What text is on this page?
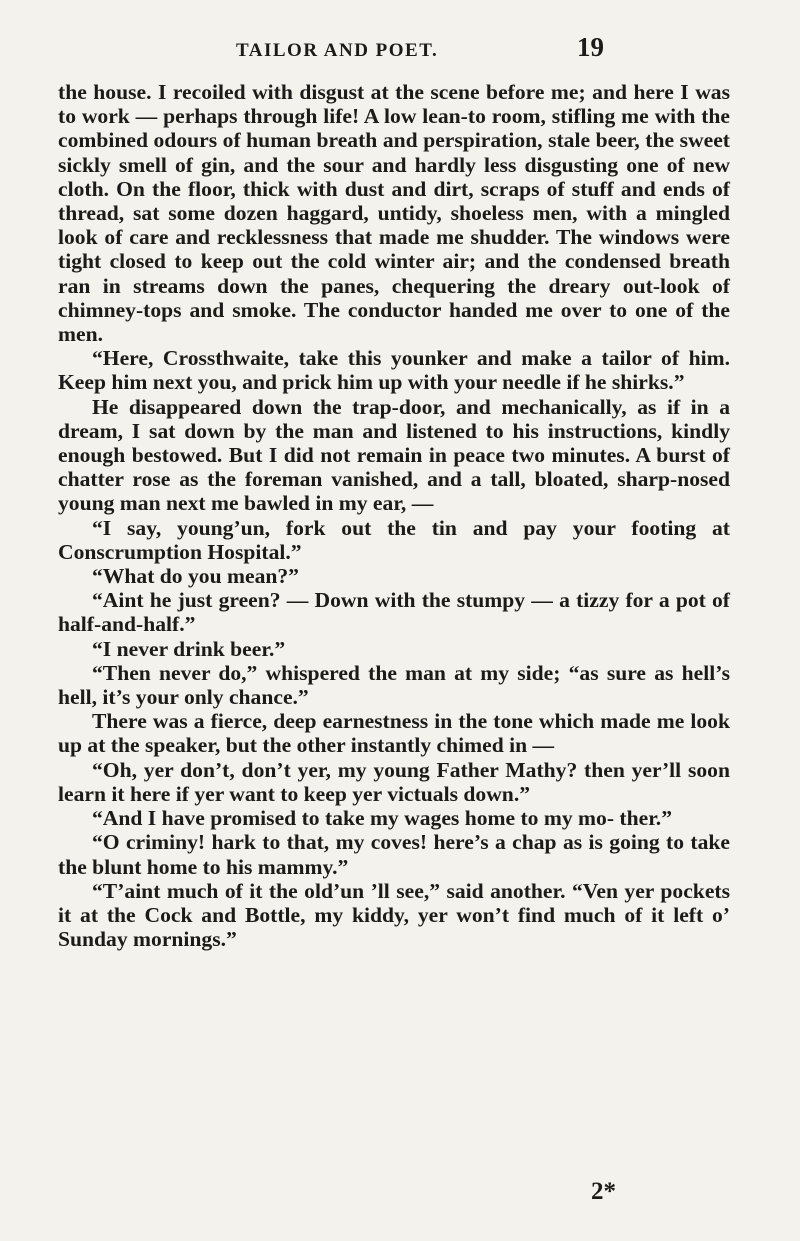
TAILOR AND POET.	19

the house. I recoiled with disgust at the scene before me; and here I was to work — perhaps through life! A low lean-to room, stifling me with the combined odours of human breath and perspiration, stale beer, the sweet sickly smell of gin, and the sour and hardly less disgusting one of new cloth. On the floor, thick with dust and dirt, scraps of stuff and ends of thread, sat some dozen haggard, untidy, shoeless men, with a mingled look of care and recklessness that made me shudder. The windows were tight closed to keep out the cold winter air; and the condensed breath ran in streams down the panes, chequering the dreary out-look of chimney-tops and smoke. The conductor handed me over to one of the men.

“Here, Crossthwaite, take this younker and make a tailor of him. Keep him next you, and prick him up with your needle if he shirks.”

He disappeared down the trap-door, and mechanically, as if in a dream, I sat down by the man and listened to his instructions, kindly enough bestowed. But I did not remain in peace two minutes. A burst of chatter rose as the foreman vanished, and a tall, bloated, sharp-nosed young man next me bawled in my ear, —

“I say, young’un, fork out the tin and pay your footing at Conscrumption Hospital.”

“What do you mean?”

“Aint he just green? — Down with the stumpy — a tizzy for a pot of half-and-half.”

“I never drink beer.”

“Then never do,” whispered the man at my side; “as sure as hell’s hell, it’s your only chance.”

There was a fierce, deep earnestness in the tone which made me look up at the speaker, but the other instantly chimed in —

“Oh, yer don’t, don’t yer, my young Father Mathy? then yer’ll soon learn it here if yer want to keep yer victuals down.”

“And I have promised to take my wages home to my mo- ther.”

“O criminy! hark to that, my coves! here’s a chap as is going to take the blunt home to his mammy.”

“T’aint much of it the old’un ’ll see,” said another. “Ven yer pockets it at the Cock and Bottle, my kiddy, yer won’t find much of it left o’ Sunday mornings.”

2*
